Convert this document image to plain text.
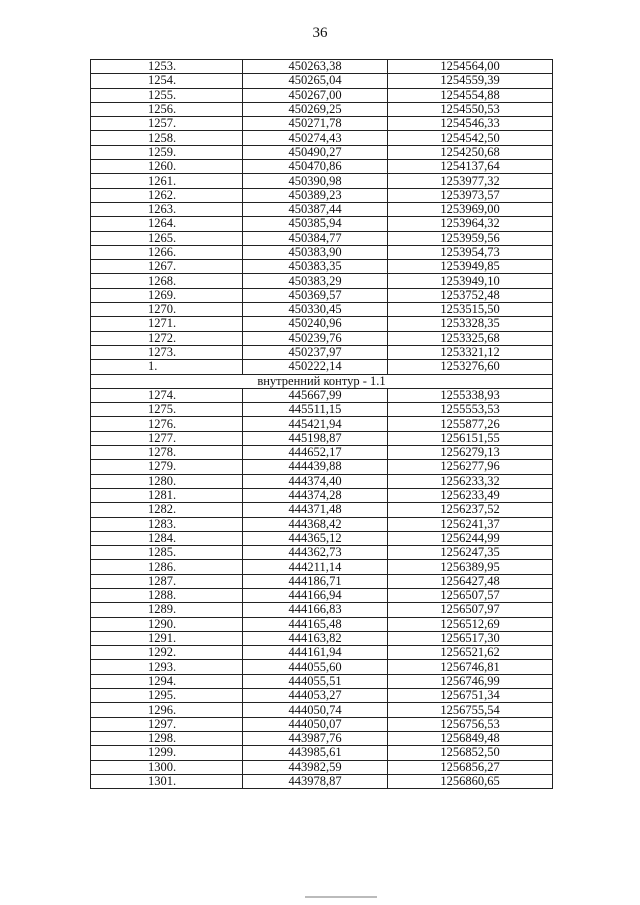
36
1253.	450263,38	1254564,00
1254.	450265,04	1254559,39
1255.	450267,00	1254554,88
1256.	450269,25	1254550,53
1257.	450271,78	1254546,33
1258.	450274,43	1254542,50
1259.	450490,27	1254250,68
1260.	450470,86	1254137,64
1261.	450390,98	1253977,32
1262.	450389,23	1253973,57
1263.	450387,44	1253969,00
1264.	450385,94	1253964,32
1265.	450384,77	1253959,56
1266.	450383,90	1253954,73
1267.	450383,35	1253949,85
1268.	450383,29	1253949,10
1269.	450369,57	1253752,48
1270.	450330,45	1253515,50
1271.	450240,96	1253328,35
1272.	450239,76	1253325,68
1273.	450237,97	1253321,12
1.	450222,14	1253276,60
внутренний контур - 1.1		
1274.	445667,99	1255338,93
1275.	445511,15	1255553,53
1276.	445421,94	1255877,26
1277.	445198,87	1256151,55
1278.	444652,17	1256279,13
1279.	444439,88	1256277,96
1280.	444374,40	1256233,32
1281.	444374,28	1256233,49
1282.	444371,48	1256237,52
1283.	444368,42	1256241,37
1284.	444365,12	1256244,99
1285.	444362,73	1256247,35
1286.	444211,14	1256389,95
1287.	444186,71	1256427,48
1288.	444166,94	1256507,57
1289.	444166,83	1256507,97
1290.	444165,48	1256512,69
1291.	444163,82	1256517,30
1292.	444161,94	1256521,62
1293.	444055,60	1256746,81
1294.	444055,51	1256746,99
1295.	444053,27	1256751,34
1296.	444050,74	1256755,54
1297.	444050,07	1256756,53
1298.	443987,76	1256849,48
1299.	443985,61	1256852,50
1300.	443982,59	1256856,27
1301.	443978,87	1256860,65
